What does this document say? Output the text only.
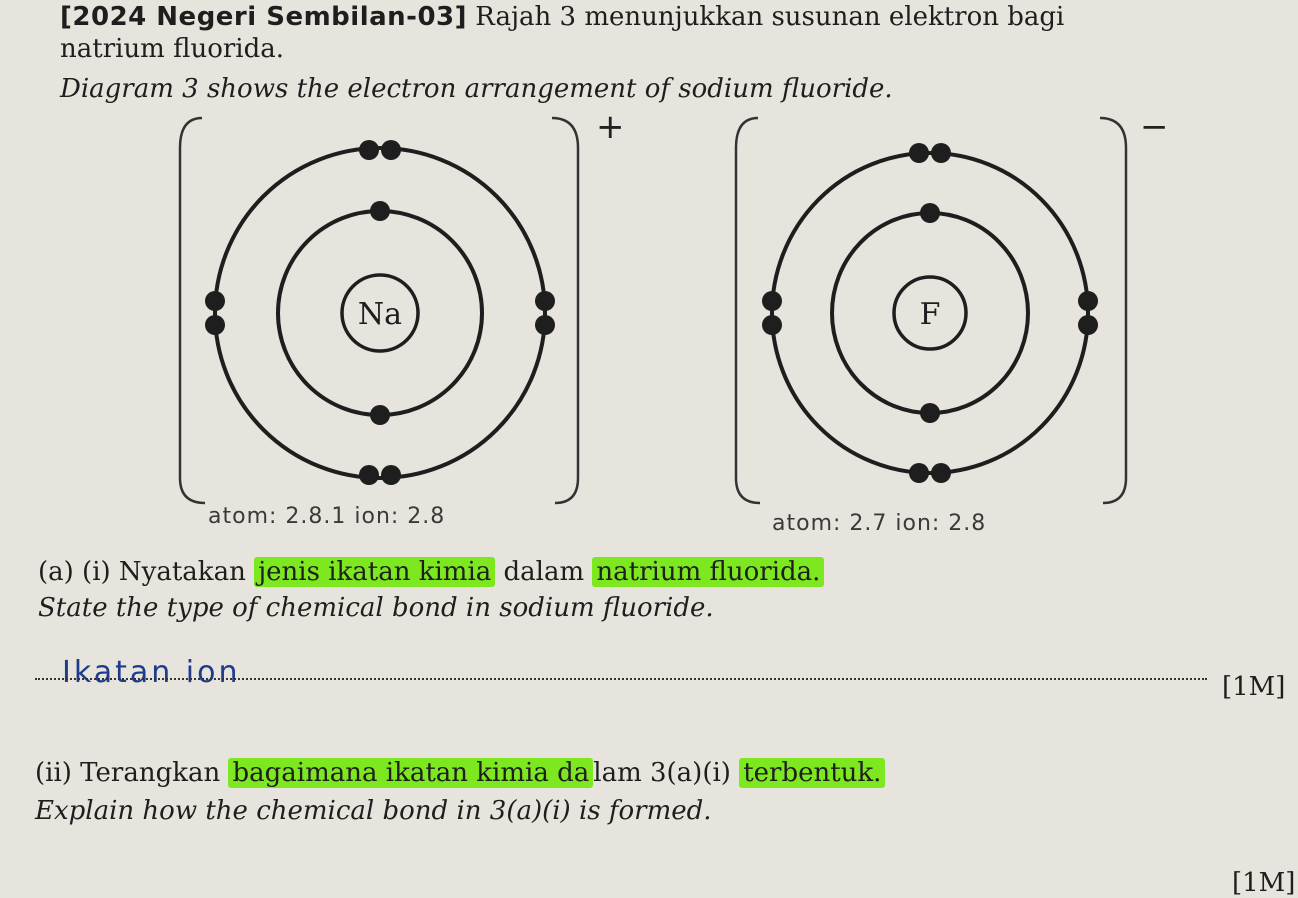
[2024 Negeri Sembilan-03] Rajah 3 menunjukkan susunan elektron bagi
natrium fluorida.
Diagram 3 shows the electron arrangement of sodium fluoride.
+
Na
atom: 2.8.1 ion: 2.8
−
F
atom: 2.7 ion: 2.8
(a) (i) Nyatakan jenis ikatan kimia dalam natrium fluorida.
State the type of chemical bond in sodium fluoride.
Ikatan ion	[1M]
(ii) Terangkan bagaimana ikatan kimia da lam 3(a)(i) terbentuk.
Explain how the chemical bond in 3(a)(i) is formed.
[1M]
